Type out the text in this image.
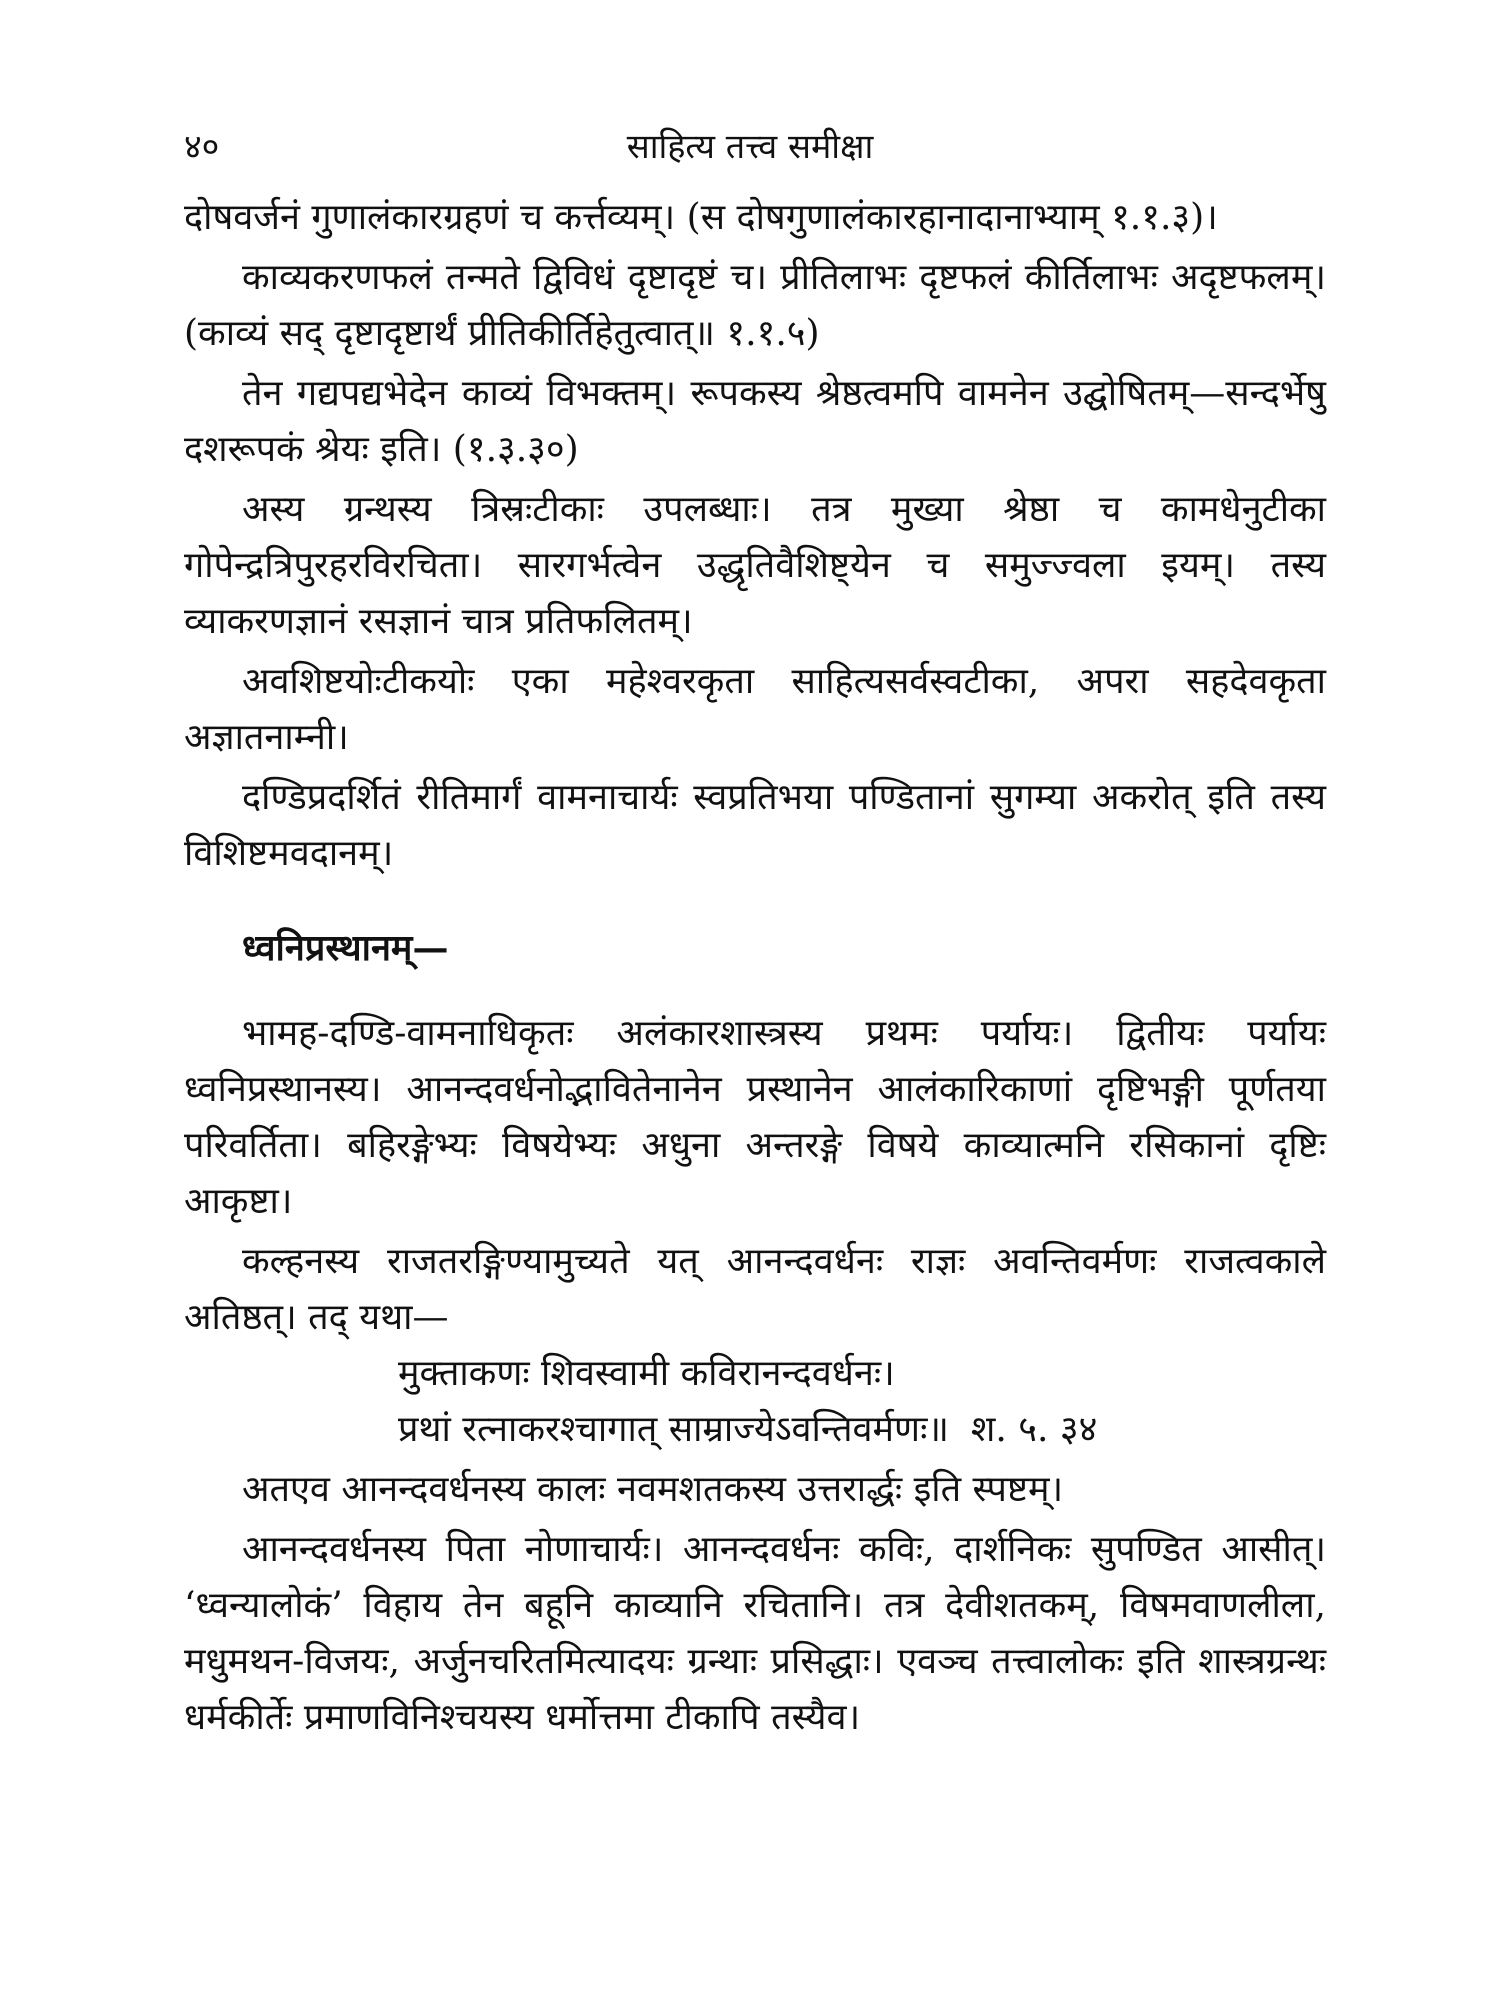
४०	साहित्य तत्त्व समीक्षा

दोषवर्जनं गुणालंकारग्रहणं च कर्त्तव्यम्। (स दोषगुणालंकारहानादानाभ्याम् १.१.३)।

काव्यकरणफलं तन्मते द्विविधं दृष्टादृष्टं च। प्रीतिलाभः दृष्टफलं कीर्तिलाभः अदृष्टफलम्। (काव्यं सद् दृष्टादृष्टार्थं प्रीतिकीर्तिहेतुत्वात्॥ १.१.५)

तेन गद्यपद्यभेदेन काव्यं विभक्तम्। रूपकस्य श्रेष्ठत्वमपि वामनेन उद्घोषितम्—सन्दर्भेषु दशरूपकं श्रेयः इति। (१.३.३०)

अस्य ग्रन्थस्य त्रिस्रःटीकाः उपलब्धाः। तत्र मुख्या श्रेष्ठा च कामधेनुटीका गोपेन्द्रत्रिपुरहरविरचिता। सारगर्भत्वेन उद्धृतिवैशिष्ट्येन च समुज्ज्वला इयम्। तस्य व्याकरणज्ञानं रसज्ञानं चात्र प्रतिफलितम्।

अवशिष्टयोःटीकयोः एका महेश्वरकृता साहित्यसर्वस्वटीका, अपरा सहदेवकृता अज्ञातनाम्नी।

दण्डिप्रदर्शितं रीतिमार्गं वामनाचार्यः स्वप्रतिभया पण्डितानां सुगम्या अकरोत् इति तस्य विशिष्टमवदानम्।

ध्वनिप्रस्थानम्—

भामह-दण्डि-वामनाधिकृतः अलंकारशास्त्रस्य प्रथमः पर्यायः। द्वितीयः पर्यायः ध्वनिप्रस्थानस्य। आनन्दवर्धनोद्भावितेनानेन प्रस्थानेन आलंकारिकाणां दृष्टिभङ्गी पूर्णतया परिवर्तिता। बहिरङ्गेभ्यः विषयेभ्यः अधुना अन्तरङ्गे विषये काव्यात्मनि रसिकानां दृष्टिः आकृष्टा।

कल्हनस्य राजतरङ्गिण्यामुच्यते यत् आनन्दवर्धनः राज्ञः अवन्तिवर्मणः राजत्वकाले अतिष्ठत्। तद् यथा—

मुक्ताकणः शिवस्वामी कविरानन्दवर्धनः।
प्रथां रत्नाकरश्चागात् साम्राज्येऽवन्तिवर्मणः॥ श. ५. ३४

अतएव आनन्दवर्धनस्य कालः नवमशतकस्य उत्तरार्द्धः इति स्पष्टम्।

आनन्दवर्धनस्य पिता नोणाचार्यः। आनन्दवर्धनः कविः, दार्शनिकः सुपण्डित आसीत्। ‘ध्वन्यालोकं’ विहाय तेन बहूनि काव्यानि रचितानि। तत्र देवीशतकम्, विषमवाणलीला, मधुमथन-विजयः, अर्जुनचरितमित्यादयः ग्रन्थाः प्रसिद्धाः। एवञ्च तत्त्वालोकः इति शास्त्रग्रन्थः धर्मकीर्तेः प्रमाणविनिश्चयस्य धर्मोत्तमा टीकापि तस्यैव।
